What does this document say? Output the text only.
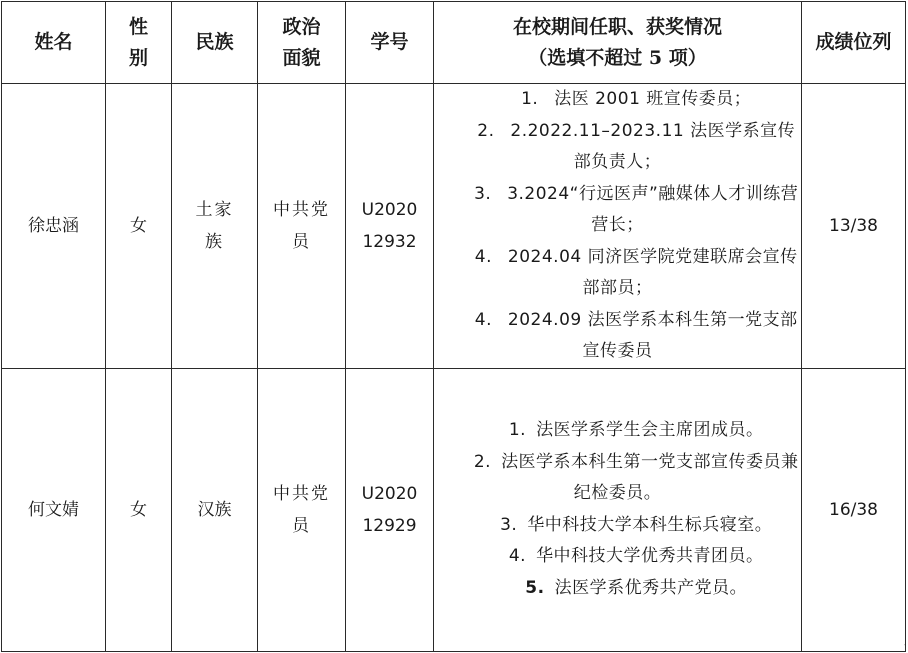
姓名	性别	民族	政治面貌	学号	在校期间任职、获奖情况
（选填不超过 5 项）	成绩位列

徐忠涵	女	土家族	中共党员	U202012932	1. 法医 2001 班宣传委员；
2. 2.2022.11–2023.11 法医学系宣传部负责人；
3. 3.2024“行远医声”融媒体人才训练营营长；
4. 2024.04 同济医学院党建联席会宣传部部员；
4. 2024.09 法医学系本科生第一党支部宣传委员	13/38
何文婧	女	汉族	中共党员	U202012929	1. 法医学系学生会主席团成员。
2. 法医学系本科生第一党支部宣传委员兼纪检委员。
3. 华中科技大学本科生标兵寝室。
4. 华中科技大学优秀共青团员。
5. 法医学系优秀共产党员。	16/38
˙
